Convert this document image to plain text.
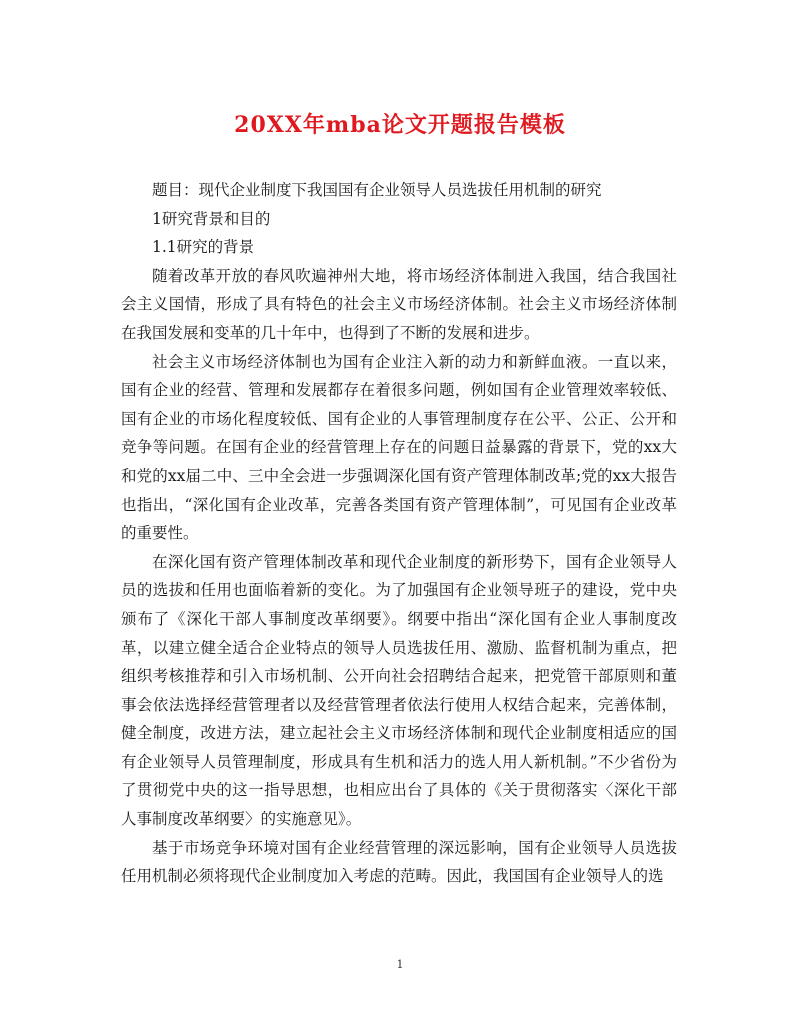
20XX年mba论文开题报告模板

题目：现代企业制度下我国国有企业领导人员选拔任用机制的研究

1研究背景和目的

1.1研究的背景

随着改革开放的春风吹遍神州大地，将市场经济体制进入我国，结合我国社会主义国情，形成了具有特色的社会主义市场经济体制。社会主义市场经济体制在我国发展和变革的几十年中，也得到了不断的发展和进步。

社会主义市场经济体制也为国有企业注入新的动力和新鲜血液。一直以来，国有企业的经营、管理和发展都存在着很多问题，例如国有企业管理效率较低、国有企业的市场化程度较低、国有企业的人事管理制度存在公平、公正、公开和竞争等问题。在国有企业的经营管理上存在的问题日益暴露的背景下，党的xx大和党的xx届二中、三中全会进一步强调深化国有资产管理体制改革;党的xx大报告也指出，“深化国有企业改革，完善各类国有资产管理体制”，可见国有企业改革的重要性。

在深化国有资产管理体制改革和现代企业制度的新形势下，国有企业领导人员的选拔和任用也面临着新的变化。为了加强国有企业领导班子的建设，党中央颁布了《深化干部人事制度改革纲要》。纲要中指出“深化国有企业人事制度改革，以建立健全适合企业特点的领导人员选拔任用、激励、监督机制为重点，把组织考核推荐和引入市场机制、公开向社会招聘结合起来，把党管干部原则和董事会依法选择经营管理者以及经营管理者依法行使用人权结合起来，完善体制，健全制度，改进方法，建立起社会主义市场经济体制和现代企业制度相适应的国有企业领导人员管理制度，形成具有生机和活力的选人用人新机制。”不少省份为了贯彻党中央的这一指导思想，也相应出台了具体的《关于贯彻落实〈深化干部人事制度改革纲要〉的实施意见》。

基于市场竞争环境对国有企业经营管理的深远影响，国有企业领导人员选拔任用机制必须将现代企业制度加入考虑的范畴。因此，我国国有企业领导人的选

1
